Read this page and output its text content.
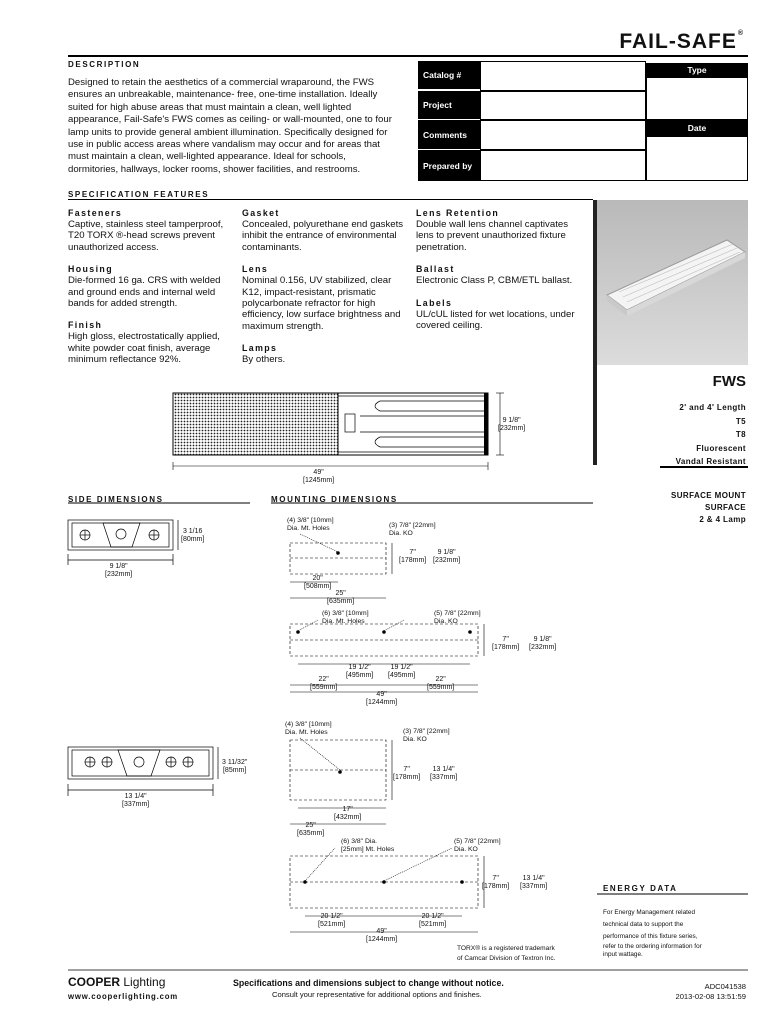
FAIL-SAFE®
DESCRIPTION
Designed to retain the aesthetics of a commercial wraparound, the FWS ensures an unbreakable, maintenance- free, one-time installation. Ideally suited for high abuse areas that must maintain a clean, well lighted appearance, Fail-Safe's FWS comes as ceiling- or wall-mounted, one to four lamp units to provide general ambient illumination. Specifically designed for use in public access areas where vandalism may occur and for areas that must maintain a clean, well-lighted appearance. Ideal for schools, dormitories, hallways, locker rooms, shower facilities, and restrooms.
Catalog #
Project
Comments
Prepared by
Type
Date
SPECIFICATION FEATURES
Fasteners
Captive, stainless steel tamperproof, T20 TORX ®-head screws prevent unauthorized access.
Housing
Die-formed 16 ga. CRS with welded and ground ends and internal weld bands for added strength.
Finish
High gloss, electrostatically applied, white powder coat finish, average minimum reflectance 92%.
Gasket
Concealed, polyurethane end gaskets inhibit the entrance of environmental contaminants.
Lens
Nominal 0.156, UV stabilized, clear K12, impact-resistant, prismatic polycarbonate refractor for high efficiency, low surface brightness and maximum strength.
Lamps
By others.
Lens Retention
Double wall lens channel captivates lens to prevent unauthorized fixture penetration.
Ballast
Electronic Class P, CBM/ETL ballast.
Labels
UL/cUL listed for wet locations, under covered ceiling.
FWS
2' and 4' Length
T5
T8
Fluorescent
Vandal Resistant
SURFACE MOUNT
SURFACE
2 & 4 Lamp
9 1/8"
[232mm]
49"
[1245mm]
SIDE DIMENSIONS	MOUNTING DIMENSIONS
3 1/16
[80mm]
9 1/8"
[232mm]
3 11/32"
[85mm]
13 1/4"
[337mm]
(4) 3/8" [10mm]
Dia. Mt. Holes	(3) 7/8" [22mm]
Dia. KO
7"
[178mm]
9 1/8"
[232mm]
20"
[508mm]
25"
[635mm]
(6) 3/8" [10mm]
Dia. Mt. Holes
(5) 7/8" [22mm]
Dia. KO
7"
[178mm]
9 1/8"
[232mm]
19 1/2"
[495mm]
19 1/2"
[495mm]
22"
[559mm]
22"
[559mm]
49"
[1244mm]
(4) 3/8" [10mm]
Dia. Mt. Holes	(3) 7/8" [22mm]
Dia. KO
7"
[178mm]
13 1/4"
[337mm]
17"
[432mm]
25"
[635mm]
(6) 3/8" Dia.
[25mm] Mt. Holes
(5) 7/8" [22mm]
Dia. KO
7"
[178mm]
13 1/4"
[337mm]
20 1/2"
[521mm]
20 1/2"
[521mm]
49"
[1244mm]
ENERGY DATA
For Energy Management related
technical data to support the
performance of this fixture series,
refer to the ordering information for
input wattage.
TORX® is a registered trademark
of Camcar Division of Textron Inc.
COOPER Lighting
www.cooperlighting.com
Specifications and dimensions subject to change without notice.
Consult your representative for additional options and finishes.
ADC041538
2013-02-08 13:51:59
